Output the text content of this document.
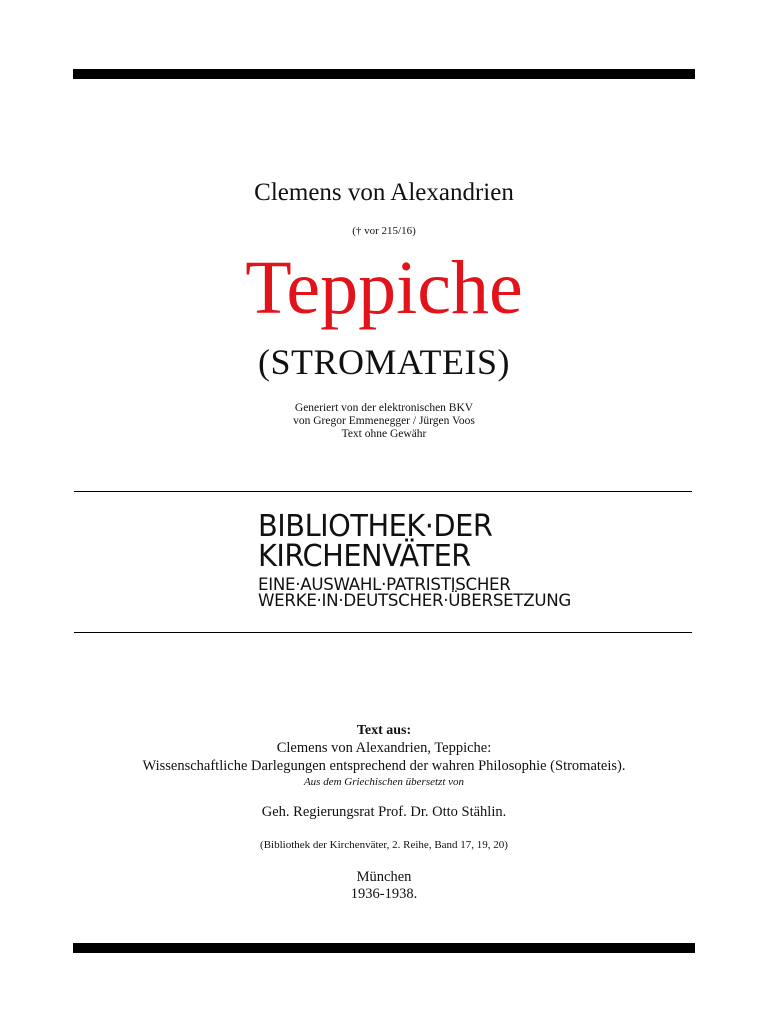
Clemens von Alexandrien
(† vor 215/16)
Teppiche
(STROMATEIS)
Generiert von der elektronischen BKV
von Gregor Emmenegger / Jürgen Voos
Text ohne Gewähr
BIBLIOTHEK·DER
KIRCHENVÄTER
EINE·AUSWAHL·PATRISTISCHER
WERKE·IN·DEUTSCHER·ÜBERSETZUNG
Text aus:
Clemens von Alexandrien, Teppiche:
Wissenschaftliche Darlegungen entsprechend der wahren Philosophie (Stromateis).
Aus dem Griechischen übersetzt von
Geh. Regierungsrat Prof. Dr. Otto Stählin.
(Bibliothek der Kirchenväter, 2. Reihe, Band 17, 19, 20)
München
1936-1938.
